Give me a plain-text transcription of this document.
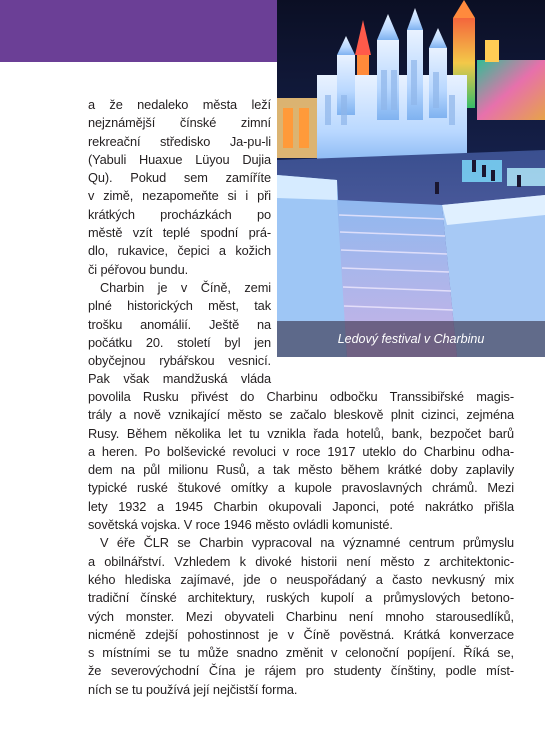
Ledový festival v Charbinu
a že nedaleko města leží
nejznámější čínské zimní
rekreační středisko Ja-pu-li
(Yabuli Huaxue Lüyou Dujia
Qu). Pokud sem zamíříte
v zimě, nezapomeňte si i při
krátkých procházkách po
městě vzít teplé spodní prá-
dlo, rukavice, čepici a kožich
či péřovou bundu.
Charbin je v Číně, zemi
plné historických měst, tak
trošku anomálií. Ještě na
počátku 20. století byl jen
obyčejnou rybářskou vesnicí.
Pak však mandžuská vláda
povolila Rusku přivést do Charbinu odbočku Transsibiřské magis-
trály a nově vznikající město se začalo bleskově plnit cizinci, zejména
Rusy. Během několika let tu vznikla řada hotelů, bank, bezpočet barů
a heren. Po bolševické revoluci v roce 1917 uteklo do Charbinu odha-
dem na půl milionu Rusů, a tak město během krátké doby zaplavily
typické ruské štukové omítky a kupole pravoslavných chrámů. Mezi
lety 1932 a 1945 Charbin okupovali Japonci, poté nakrátko přišla
sovětská vojska. V roce 1946 město ovládli komunisté.
V éře ČLR se Charbin vypracoval na významné centrum průmyslu
a obilnářství. Vzhledem k divoké historii není město z architektonic-
kého hlediska zajímavé, jde o neuspořádaný a často nevkusný mix
tradiční čínské architektury, ruských kupolí a průmyslových betono-
vých monster. Mezi obyvateli Charbinu není mnoho starousedlíků,
nicméně zdejší pohostinnost je v Číně pověstná. Krátká konverzace
s místními se tu může snadno změnit v celonoční popíjení. Říká se,
že severovýchodní Čína je rájem pro studenty čínštiny, podle míst-
ních se tu používá její nejčistší forma.
